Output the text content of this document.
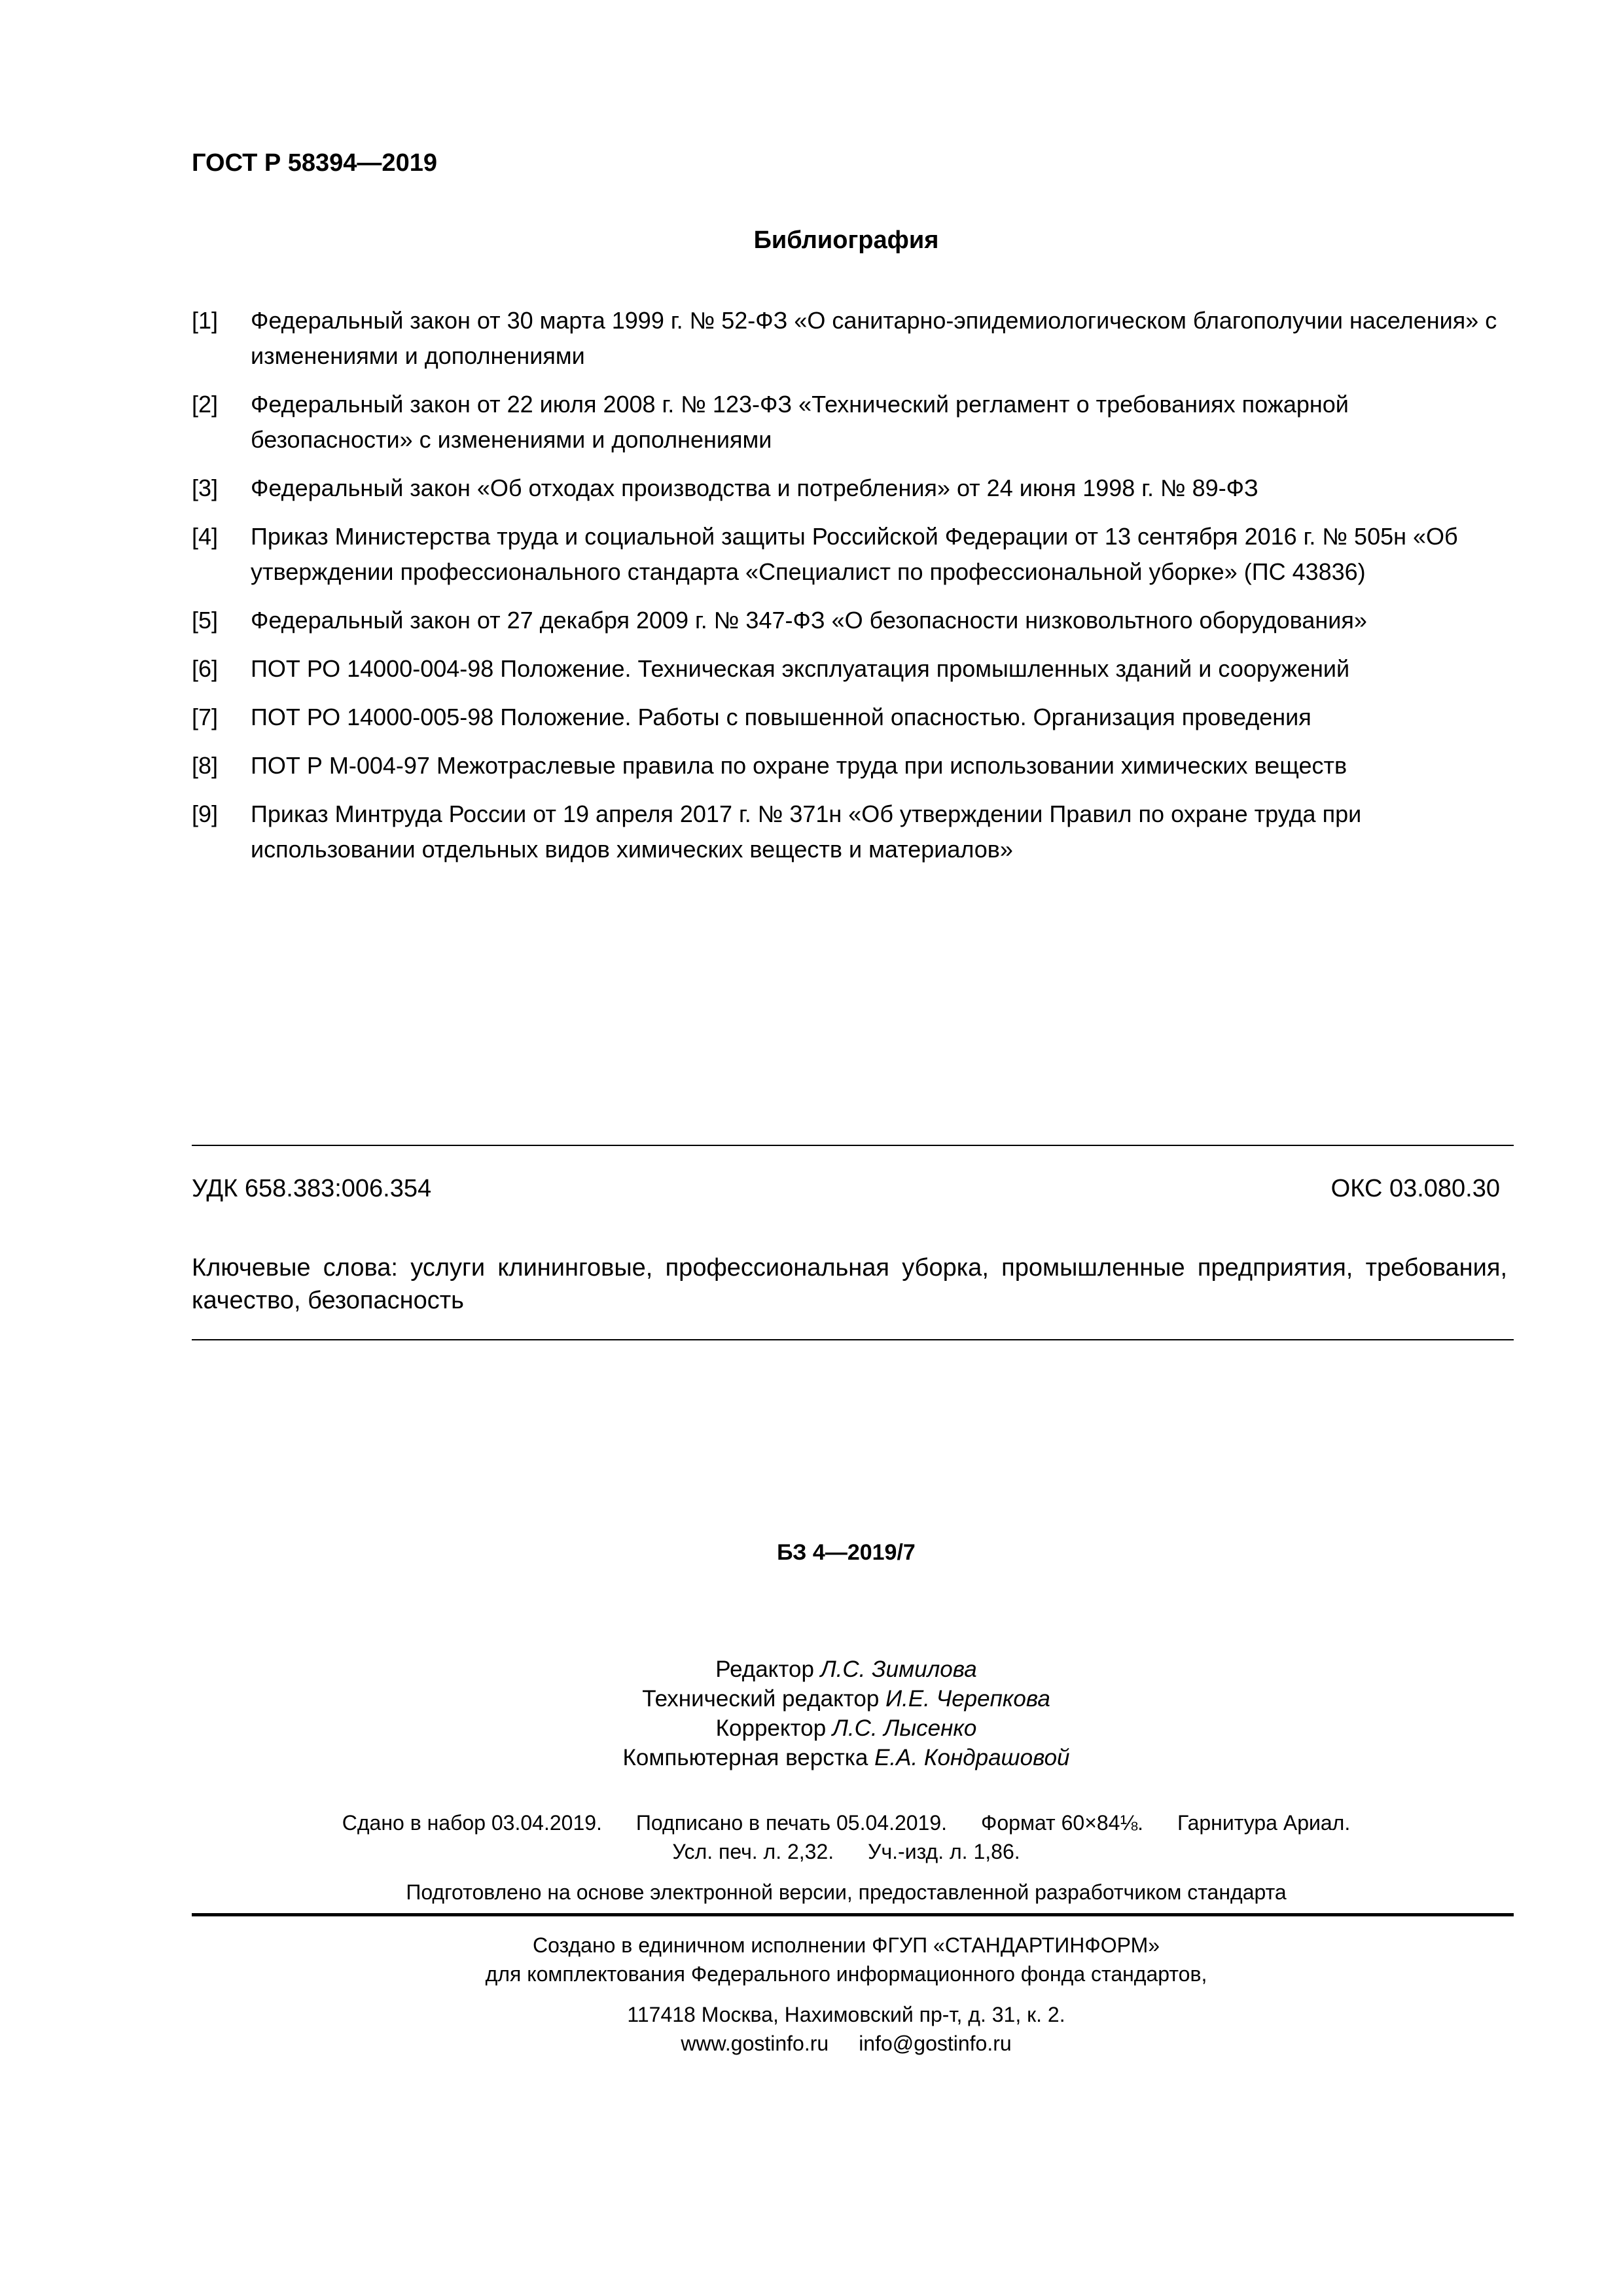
ГОСТ Р 58394—2019
Библиография
[1] Федеральный закон от 30 марта 1999 г. № 52-ФЗ «О санитарно-эпидемиологическом благополучии населения» с изменениями и дополнениями
[2] Федеральный закон от 22 июля 2008 г. № 123-ФЗ «Технический регламент о требованиях пожарной безопасности» с изменениями и дополнениями
[3] Федеральный закон «Об отходах производства и потребления» от 24 июня 1998 г. № 89-ФЗ
[4] Приказ Министерства труда и социальной защиты Российской Федерации от 13 сентября 2016 г. № 505н «Об утверждении профессионального стандарта «Специалист по профессиональной уборке» (ПС 43836)
[5] Федеральный закон от 27 декабря 2009 г. № 347-ФЗ «О безопасности низковольтного оборудования»
[6] ПОТ РО 14000-004-98 Положение. Техническая эксплуатация промышленных зданий и сооружений
[7] ПОТ РО 14000-005-98 Положение. Работы с повышенной опасностью. Организация проведения
[8] ПОТ Р М-004-97 Межотраслевые правила по охране труда при использовании химических веществ
[9] Приказ Минтруда России от 19 апреля 2017 г. № 371н «Об утверждении Правил по охране труда при использовании отдельных видов химических веществ и материалов»
УДК 658.383:006.354	ОКС 03.080.30
Ключевые слова: услуги клининговые, профессиональная уборка, промышленные предприятия, требования, качество, безопасность
БЗ 4—2019/7
Редактор Л.С. Зимилова
Технический редактор И.Е. Черепкова
Корректор Л.С. Лысенко
Компьютерная верстка Е.А. Кондрашовой
Сдано в набор 03.04.2019. Подписано в печать 05.04.2019. Формат 60×84⅛. Гарнитура Ариал.
Усл. печ. л. 2,32. Уч.-изд. л. 1,86.
Подготовлено на основе электронной версии, предоставленной разработчиком стандарта
Создано в единичном исполнении ФГУП «СТАНДАРТИНФОРМ»
для комплектования Федерального информационного фонда стандартов,
117418 Москва, Нахимовский пр-т, д. 31, к. 2.
www.gostinfo.ru info@gostinfo.ru
